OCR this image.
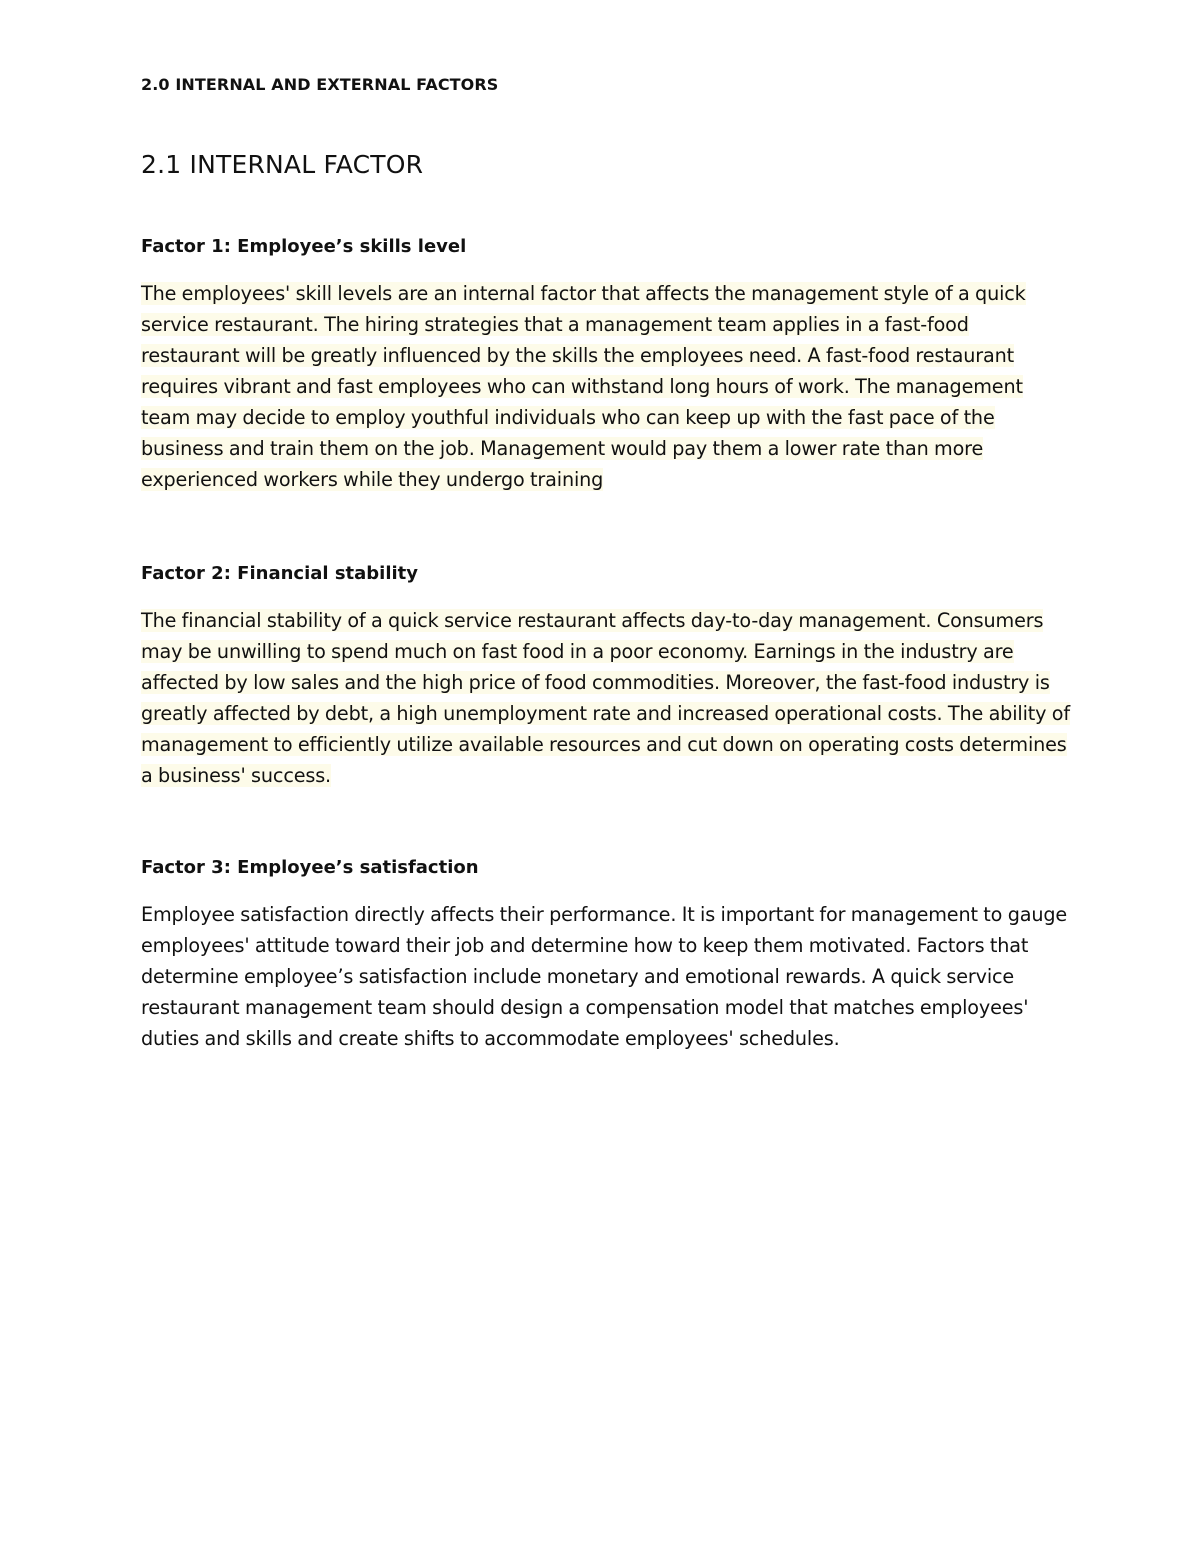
2.0 INTERNAL AND EXTERNAL FACTORS
2.1 INTERNAL FACTOR
Factor 1: Employee’s skills level

The employees' skill levels are an internal factor that affects the management style of a quick service restaurant. The hiring strategies that a management team applies in a fast-food restaurant will be greatly influenced by the skills the employees need. A fast-food restaurant requires vibrant and fast employees who can withstand long hours of work. The management team may decide to employ youthful individuals who can keep up with the fast pace of the business and train them on the job. Management would pay them a lower rate than more experienced workers while they undergo training

Factor 2: Financial stability

The financial stability of a quick service restaurant affects day-to-day management. Consumers may be unwilling to spend much on fast food in a poor economy. Earnings in the industry are affected by low sales and the high price of food commodities. Moreover, the fast-food industry is greatly affected by debt, a high unemployment rate and increased operational costs. The ability of management to efficiently utilize available resources and cut down on operating costs determines a business' success.

Factor 3: Employee’s satisfaction

Employee satisfaction directly affects their performance. It is important for management to gauge employees' attitude toward their job and determine how to keep them motivated. Factors that determine employee’s satisfaction include monetary and emotional rewards. A quick service restaurant management team should design a compensation model that matches employees' duties and skills and create shifts to accommodate employees' schedules.
